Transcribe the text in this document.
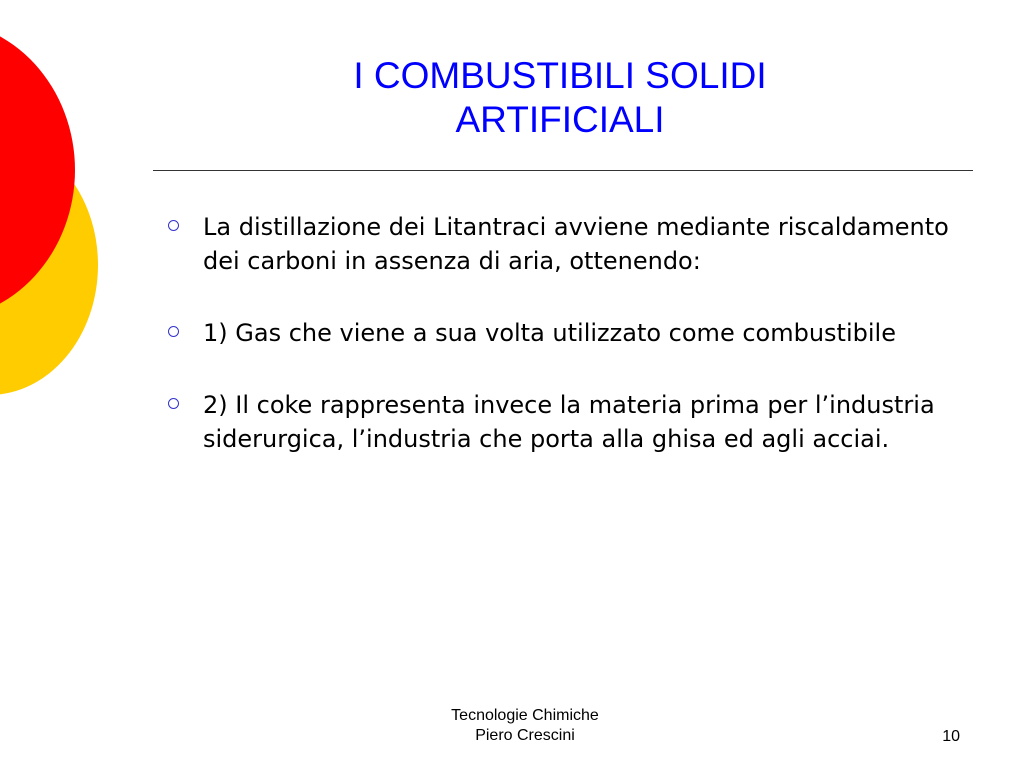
I COMBUSTIBILI SOLIDI
ARTIFICIALI
La distillazione dei Litantraci avviene mediante riscaldamento dei carboni in assenza di aria, ottenendo:
1) Gas che viene a sua volta utilizzato come combustibile
2) Il coke rappresenta invece la materia prima per l’industria siderurgica, l’industria che porta alla ghisa ed agli acciai.
Tecnologie Chimiche
Piero Crescini	10
